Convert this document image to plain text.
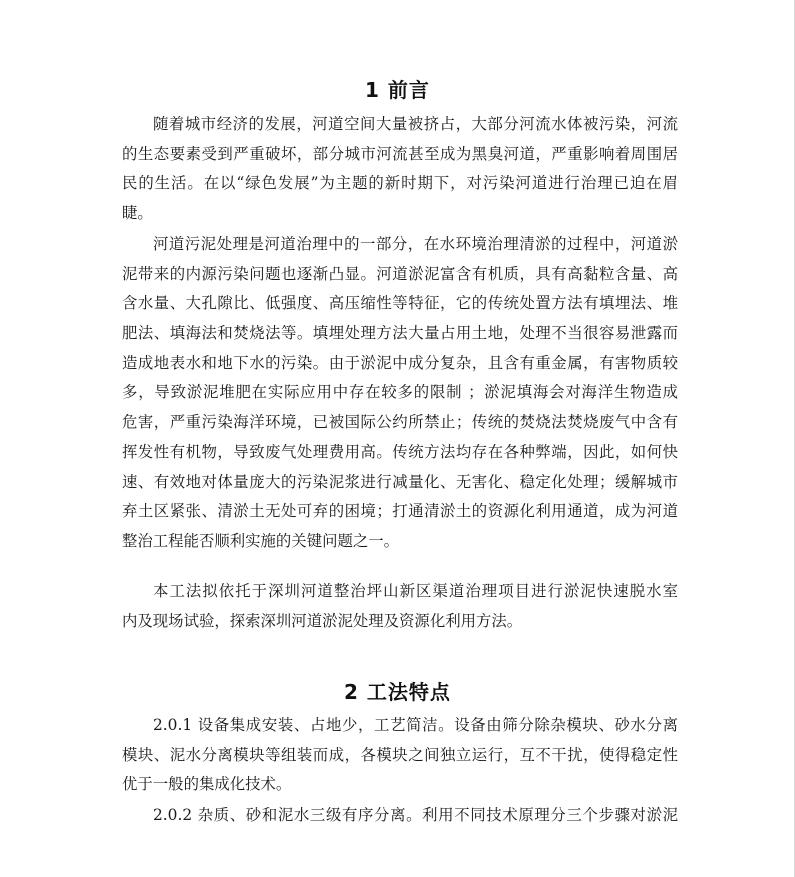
1 前言

随着城市经济的发展，河道空间大量被挤占，大部分河流水体被污染，河流
的生态要素受到严重破坏，部分城市河流甚至成为黑臭河道，严重影响着周围居
民的生活。在以“绿色发展”为主题的新时期下，对污染河道进行治理已迫在眉
睫。

河道污泥处理是河道治理中的一部分，在水环境治理清淤的过程中，河道淤
泥带来的内源污染问题也逐渐凸显。河道淤泥富含有机质，具有高黏粒含量、高
含水量、大孔隙比、低强度、高压缩性等特征，它的传统处置方法有填埋法、堆
肥法、填海法和焚烧法等。填埋处理方法大量占用土地，处理不当很容易泄露而
造成地表水和地下水的污染。由于淤泥中成分复杂，且含有重金属，有害物质较
多，导致淤泥堆肥在实际应用中存在较多的限制 ；淤泥填海会对海洋生物造成
危害，严重污染海洋环境，已被国际公约所禁止；传统的焚烧法焚烧废气中含有
挥发性有机物，导致废气处理费用高。传统方法均存在各种弊端，因此，如何快
速、有效地对体量庞大的污染泥浆进行减量化、无害化、稳定化处理；缓解城市
弃土区紧张、清淤土无处可弃的困境；打通清淤土的资源化利用通道，成为河道
整治工程能否顺利实施的关键问题之一。

本工法拟依托于深圳河道整治坪山新区渠道治理项目进行淤泥快速脱水室
内及现场试验，探索深圳河道淤泥处理及资源化利用方法。

2 工法特点

2.0.1 设备集成安装、占地少，工艺简洁。设备由筛分除杂模块、砂水分离
模块、泥水分离模块等组装而成，各模块之间独立运行，互不干扰，使得稳定性
优于一般的集成化技术。

2.0.2 杂质、砂和泥水三级有序分离。利用不同技术原理分三个步骤对淤泥
